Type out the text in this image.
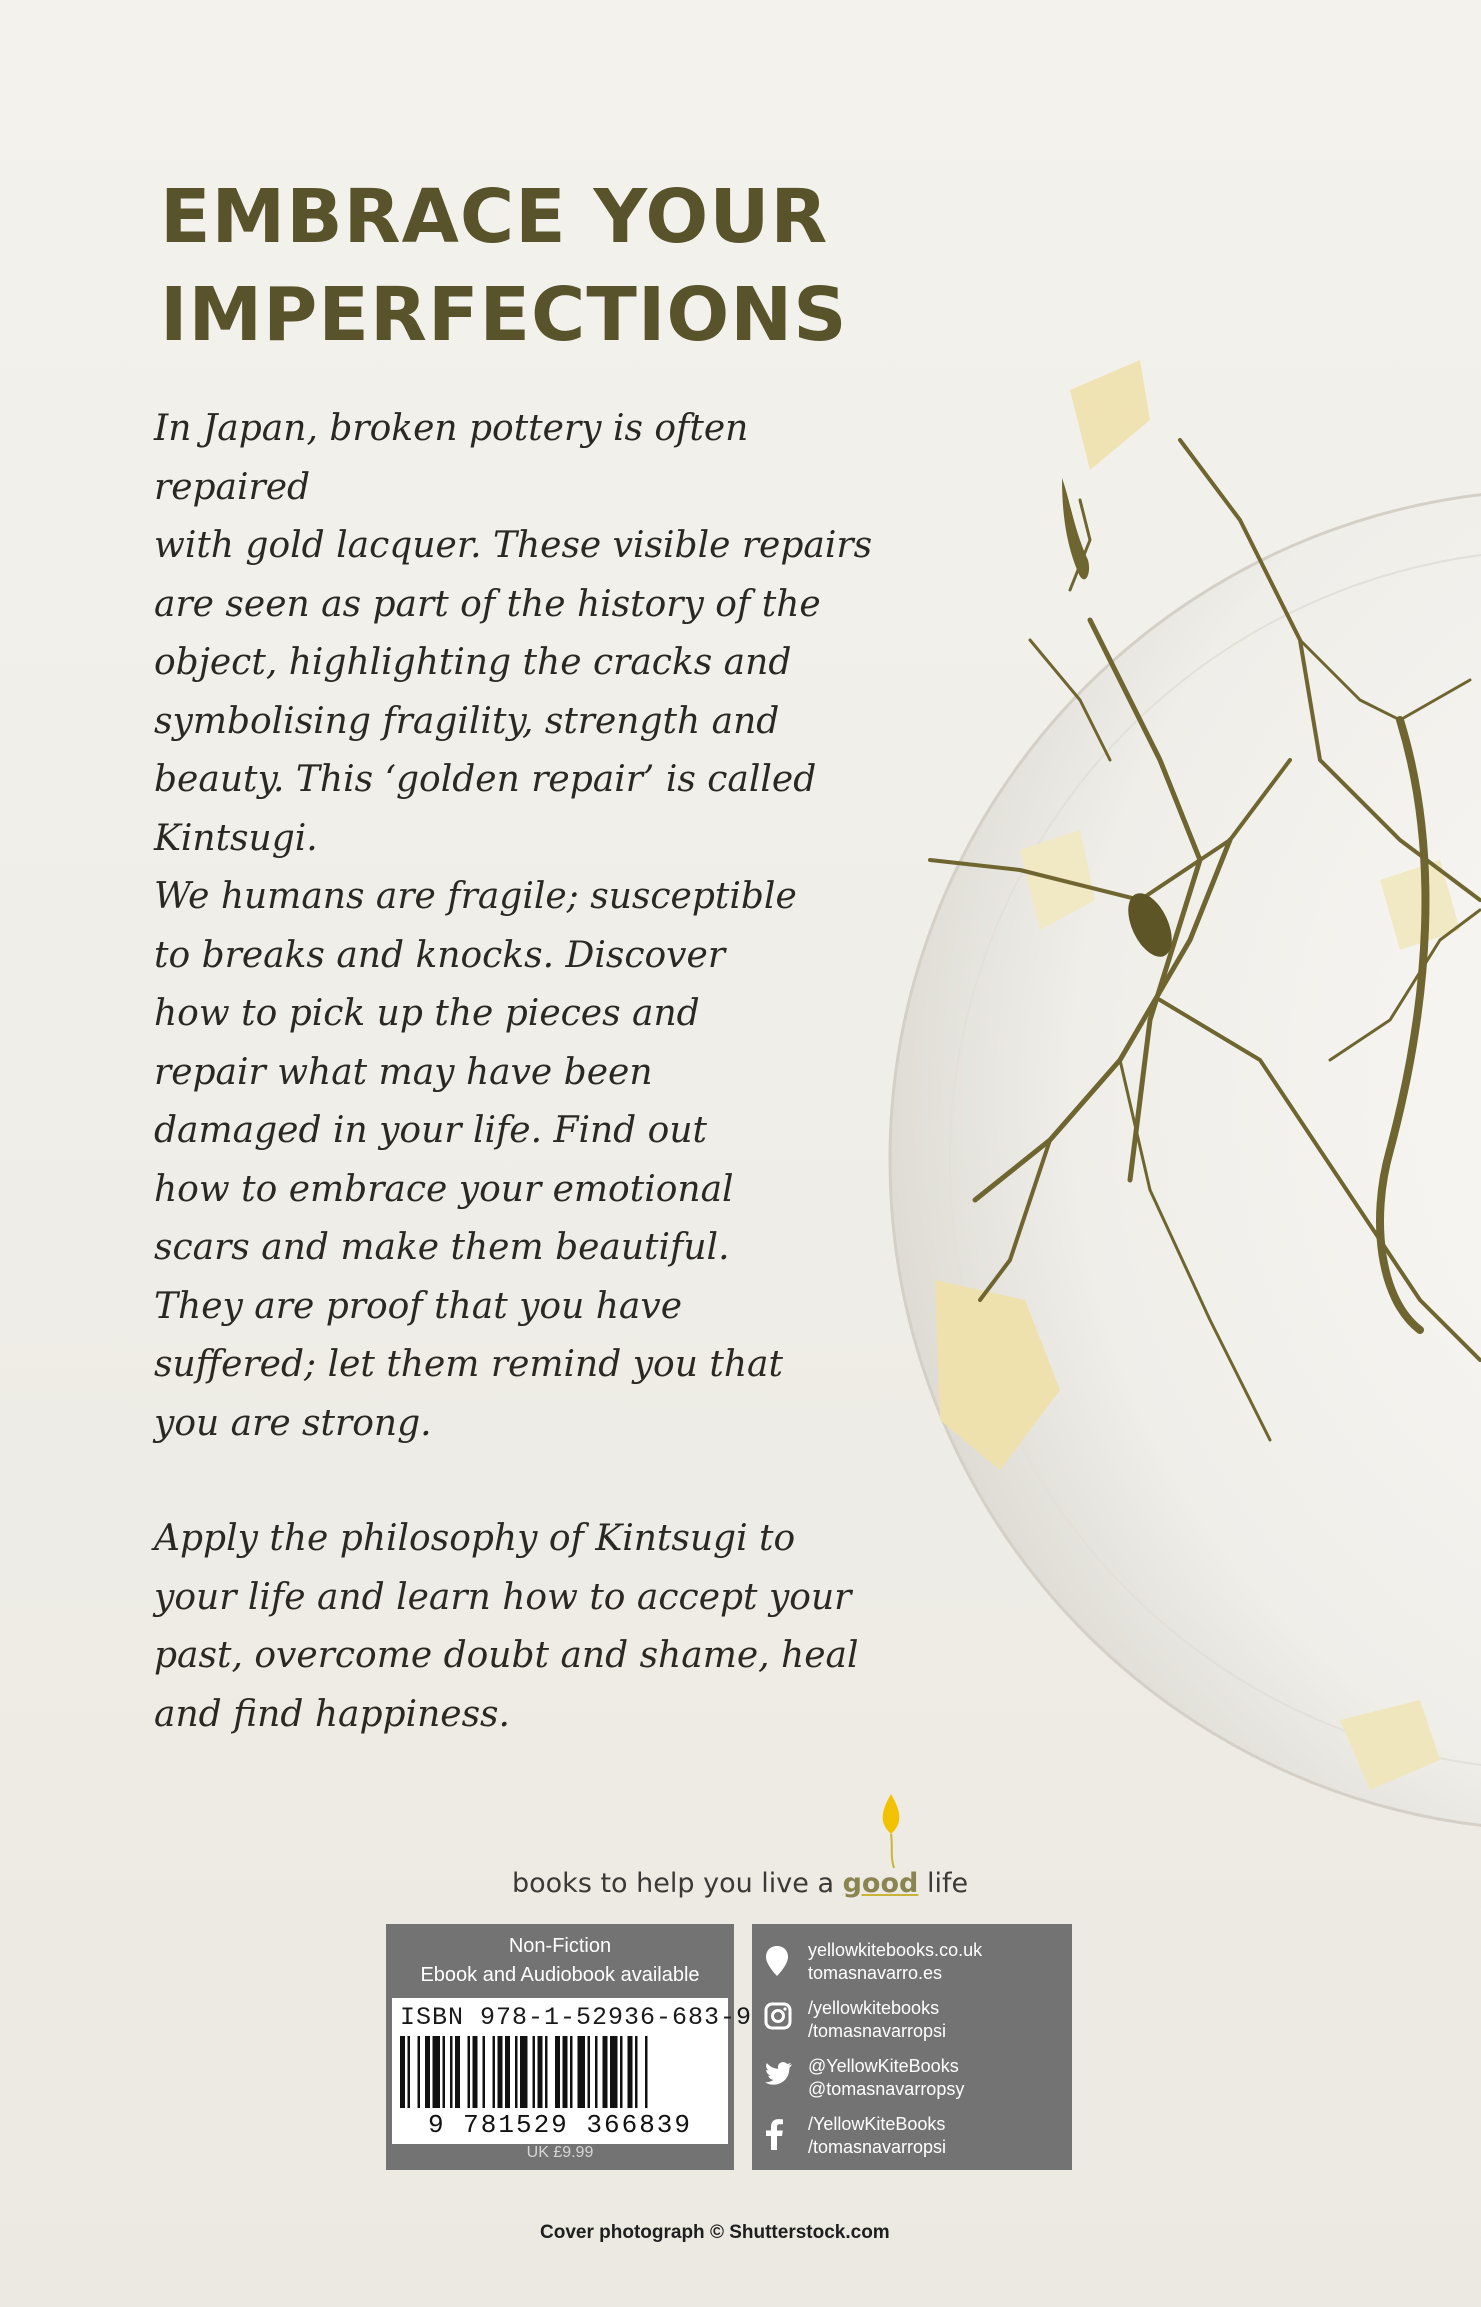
EMBRACE YOUR
IMPERFECTIONS
In Japan, broken pottery is often repaired
with gold lacquer. These visible repairs
are seen as part of the history of the
object, highlighting the cracks and
symbolising fragility, strength and
beauty. This ‘golden repair’ is called
Kintsugi.
We humans are fragile; susceptible
to breaks and knocks. Discover
how to pick up the pieces and
repair what may have been
damaged in your life. Find out
how to embrace your emotional
scars and make them beautiful.
They are proof that you have
suffered; let them remind you that
you are strong.
Apply the philosophy of Kintsugi to
your life and learn how to accept your
past, overcome doubt and shame, heal
and find happiness.
books to help you live a good life
Non-Fiction
Ebook and Audiobook available
ISBN 978-1-52936-683-9
9 781529 366839
UK £9.99
yellowkitebooks.co.uk
tomasnavarro.es
/yellowkitebooks
/tomasnavarropsi
@YellowKiteBooks
@tomasnavarropsy
/YellowKiteBooks
/tomasnavarropsi
Cover photograph © Shutterstock.com
